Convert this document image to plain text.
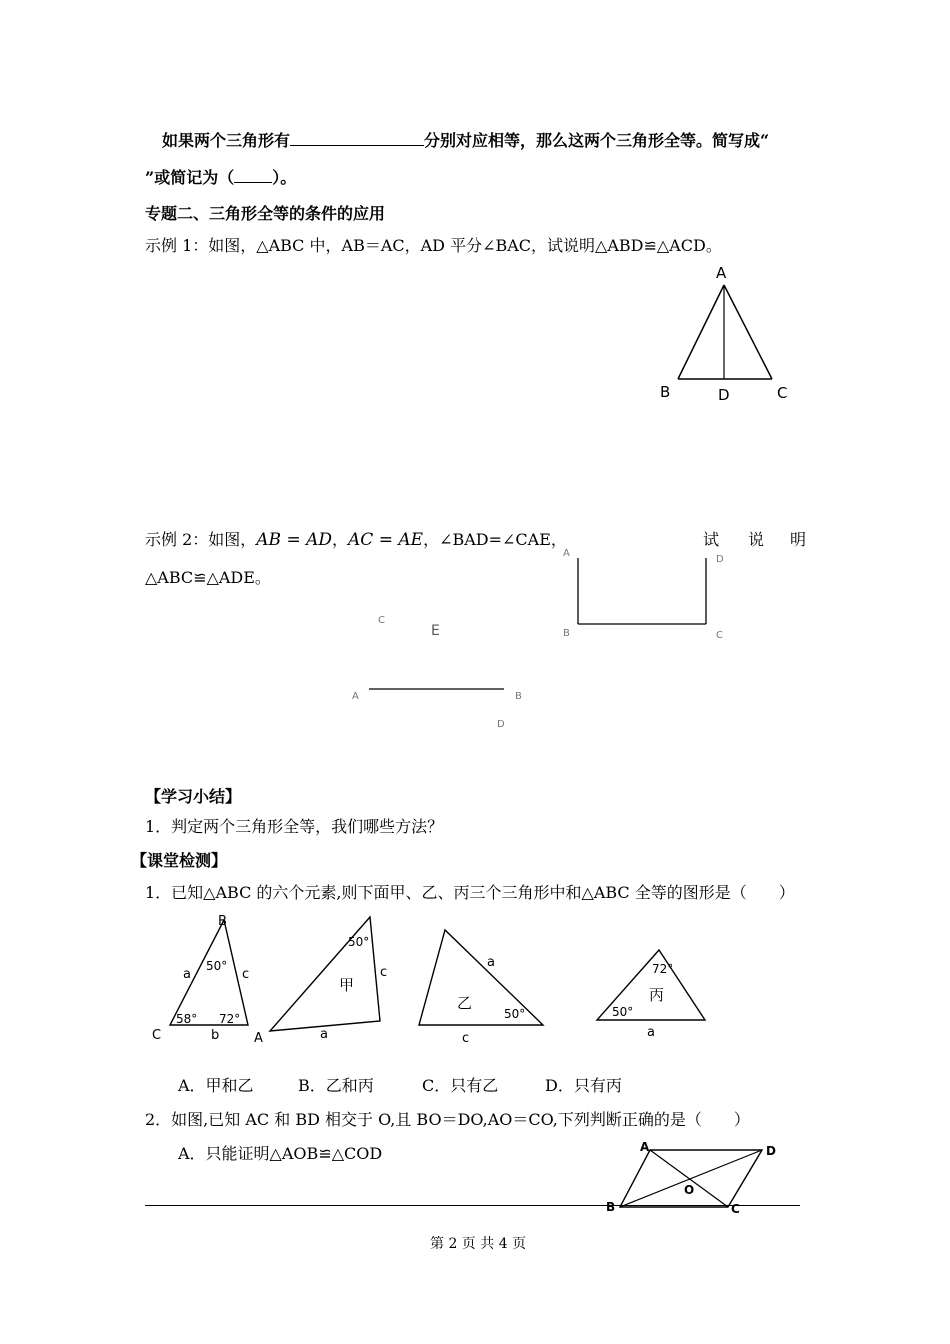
如果两个三角形有	分别对应相等，那么这两个三角形全等。简写成“
”或简记为（ ）。
专题二、三角形全等的条件的应用
示例 1：如图，△ABC 中，AB＝AC，AD 平分∠BAC，试说明△ABD≌△ACD。
A
B	D	C
示例 2：如图，AB = AD，AC = AE，∠BAD=∠CAE，	试 说 明
△ABC≌△ADE。
A
D
B	C
C
E
A	B
D
【学习小结】
1．判定两个三角形全等，我们哪些方法？
【课堂检测】
1．已知△ABC 的六个元素,则下面甲、乙、丙三个三角形中和△ABC 全等的图形是（　　）
B
50°
a	c
58° 72°
C	b	A
50°
甲
c
a
a
乙
50°
c
72°
丙
50°
a
A．甲和乙	B．乙和丙	C．只有乙	D．只有丙
2．如图,已知 AC 和 BD 相交于 O,且 BO＝DO,AO＝CO,下列判断正确的是（　　）
A．只能证明△AOB≌△COD	A	D
O
B	C
第 2 页 共 4 页
